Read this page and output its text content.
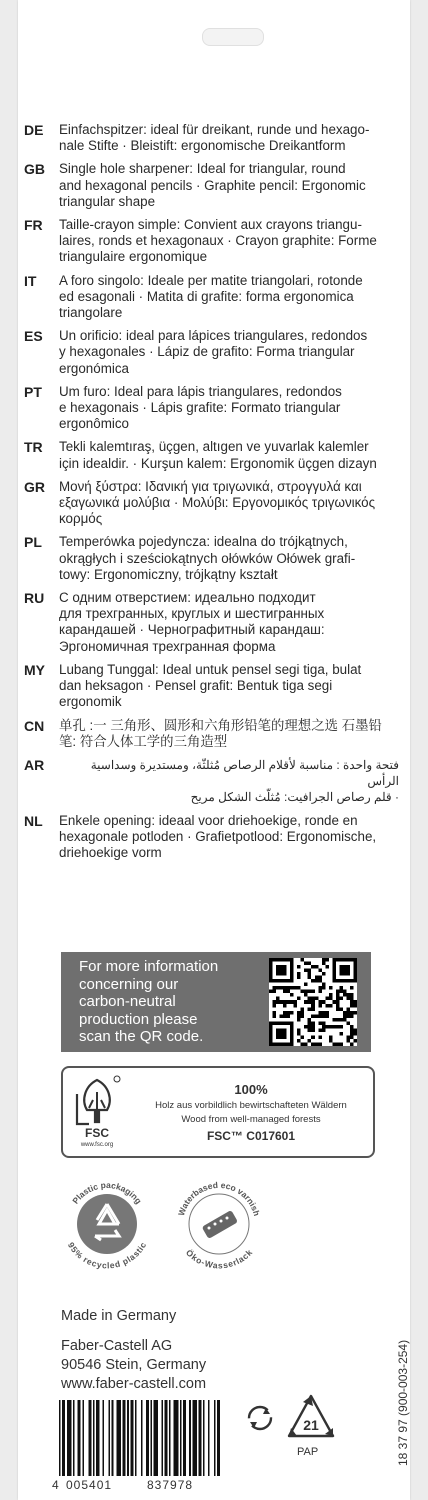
DE	Einfachspitzer: ideal für dreikant, runde und hexago-
nale Stifte · Bleistift: ergonomische Dreikantform
GB	Single hole sharpener: Ideal for triangular, round
and hexagonal pencils · Graphite pencil: Ergonomic
triangular shape
FR	Taille-crayon simple: Convient aux crayons triangu-
laires, ronds et hexagonaux · Crayon graphite: Forme
triangulaire ergonomique
IT	A foro singolo: Ideale per matite triangolari, rotonde
ed esagonali · Matita di grafite: forma ergonomica
triangolare
ES	Un orificio: ideal para lápices triangulares, redondos
y hexagonales · Lápiz de grafito: Forma triangular
ergonómica
PT	Um furo: Ideal para lápis triangulares, redondos
e hexagonais · Lápis grafite: Formato triangular
ergonômico
TR	Tekli kalemtıraş, üçgen, altıgen ve yuvarlak kalemler
için idealdir. · Kurşun kalem: Ergonomik üçgen dizayn
GR	Μονή ξύστρα: Ιδανική για τριγωνικά, στρογγυλά και
εξαγωνικά μολύβια · Μολύβι: Εργονομικός τριγωνικός
κορμός
PL	Temperówka pojedyncza: idealna do trójkątnych,
okrągłych i sześciokątnych ołówków Ołówek grafi-
towy: Ergonomiczny, trójkątny kształt
RU	С одним отверстием: идеально подходит
для трехгранных, круглых и шестигранных
карандашей · Чернографитный карандаш:
Эргономичная трехгранная форма
MY	Lubang Tunggal: Ideal untuk pensel segi tiga, bulat
dan heksagon · Pensel grafit: Bentuk tiga segi
ergonomik
CN	单孔 :一 三角形、圆形和六角形铅笔的理想之选 石墨铅
笔: 符合人体工学的三角造型
AR	فتحة واحدة : مناسبة لأقلام الرصاص مُثلثّة، ومستديرة وسداسية الرأس
· قلم رصاص الجرافيت: مُثلّث الشكل مريح
NL	Enkele opening: ideaal voor driehoekige, ronde en
hexagonale potloden · Grafietpotlood: Ergonomische,
driehoekige vorm
For more information
concerning our
carbon-neutral
production please
scan the QR code.
FSC
www.fsc.org
100%
Holz aus vorbildlich bewirtschafteten Wäldern
Wood from well-managed forests
FSC™ C017601
Plastic packaging
95% recycled plastic
Waterbased eco varnish
Öko-Wasserlack
Made in Germany
Faber-Castell AG
90546 Stein, Germany
www.faber-castell.com
4 005401	837978
21
PAP	18 37 97 (900-003-254)
